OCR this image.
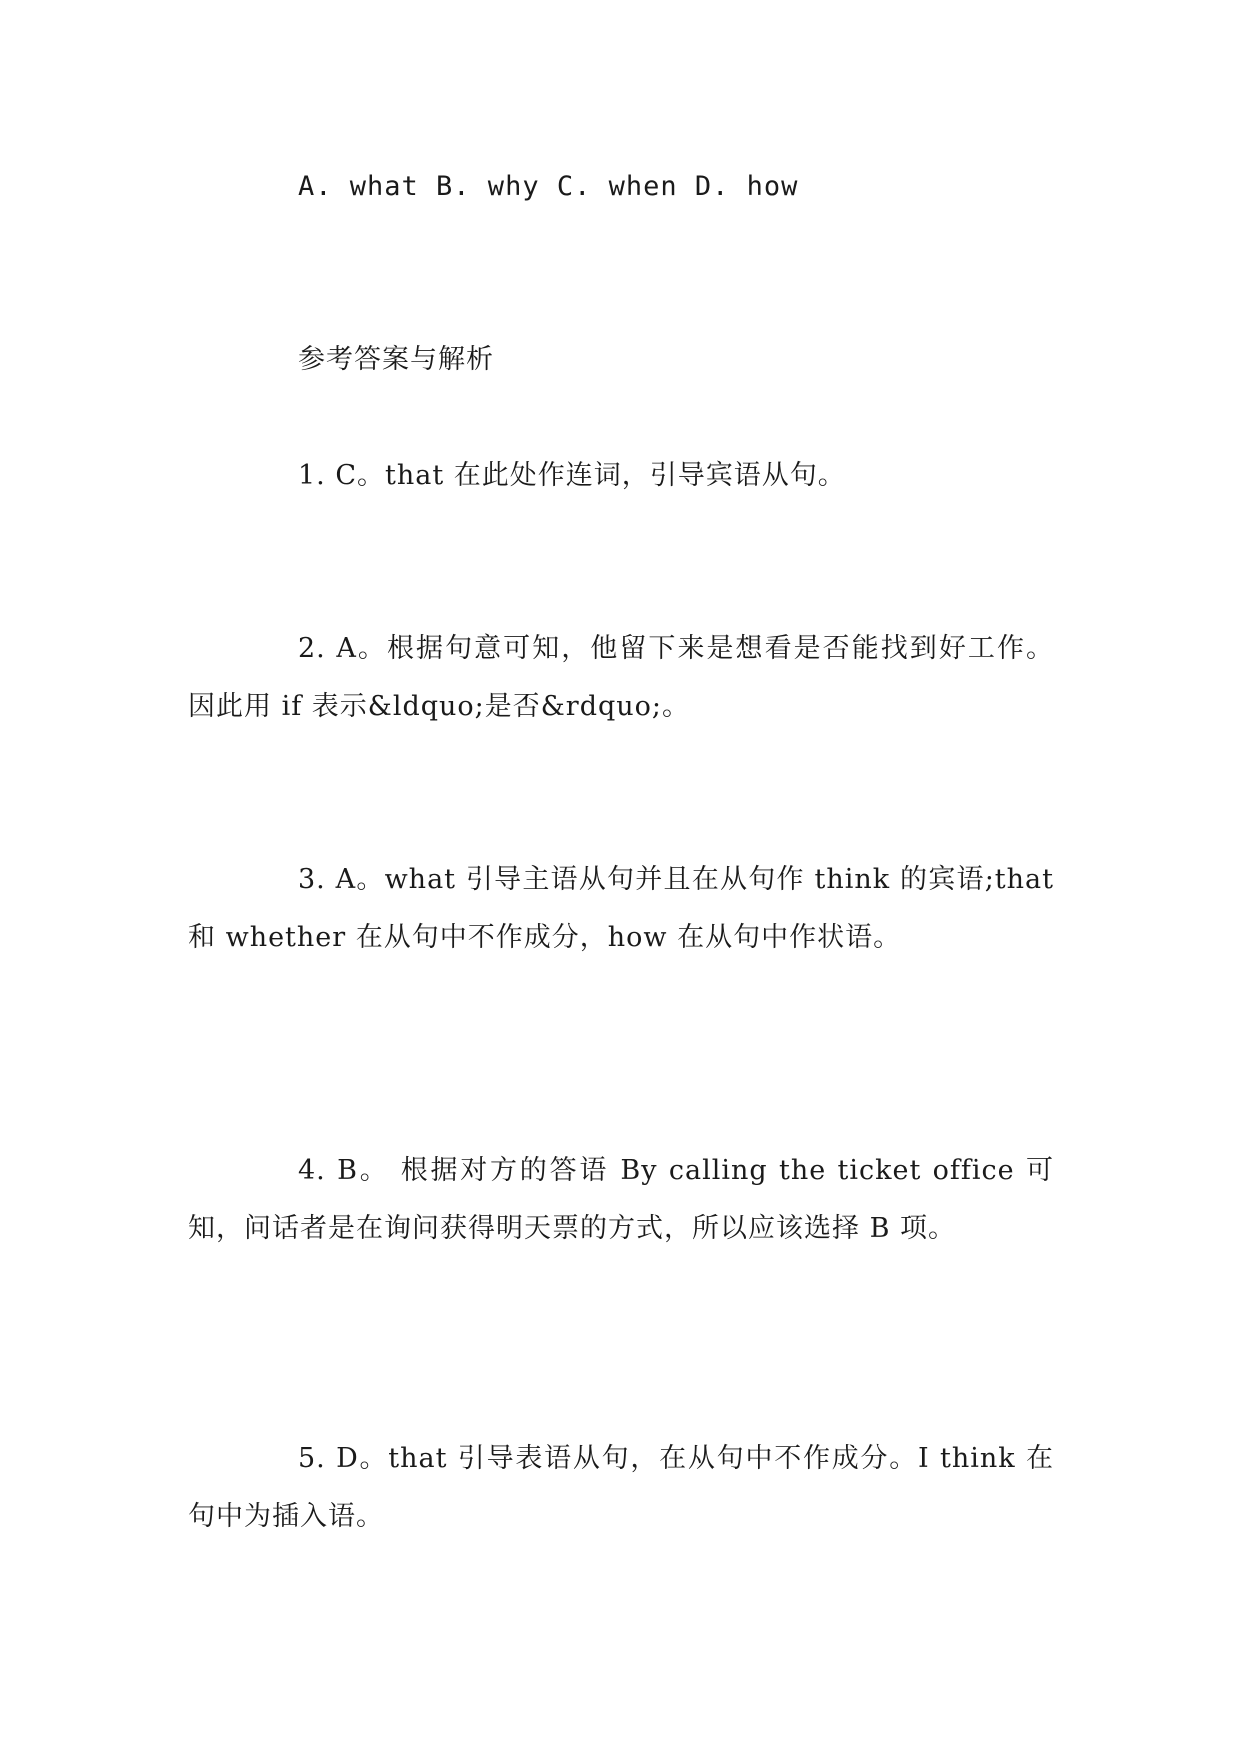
A. what B. why C. when D. how
参考答案与解析
1. C。that 在此处作连词，引导宾语从句。
2. A。根据句意可知，他留下来是想看是否能找到好工作。因此用 if 表示&ldquo;是否&rdquo;。
3. A。what 引导主语从句并且在从句作 think 的宾语;that 和 whether 在从句中不作成分，how 在从句中作状语。
4. B。 根据对方的答语 By calling the ticket office 可知，问话者是在询问获得明天票的方式，所以应该选择 B 项。
5. D。that 引导表语从句，在从句中不作成分。I think 在句中为插入语。
